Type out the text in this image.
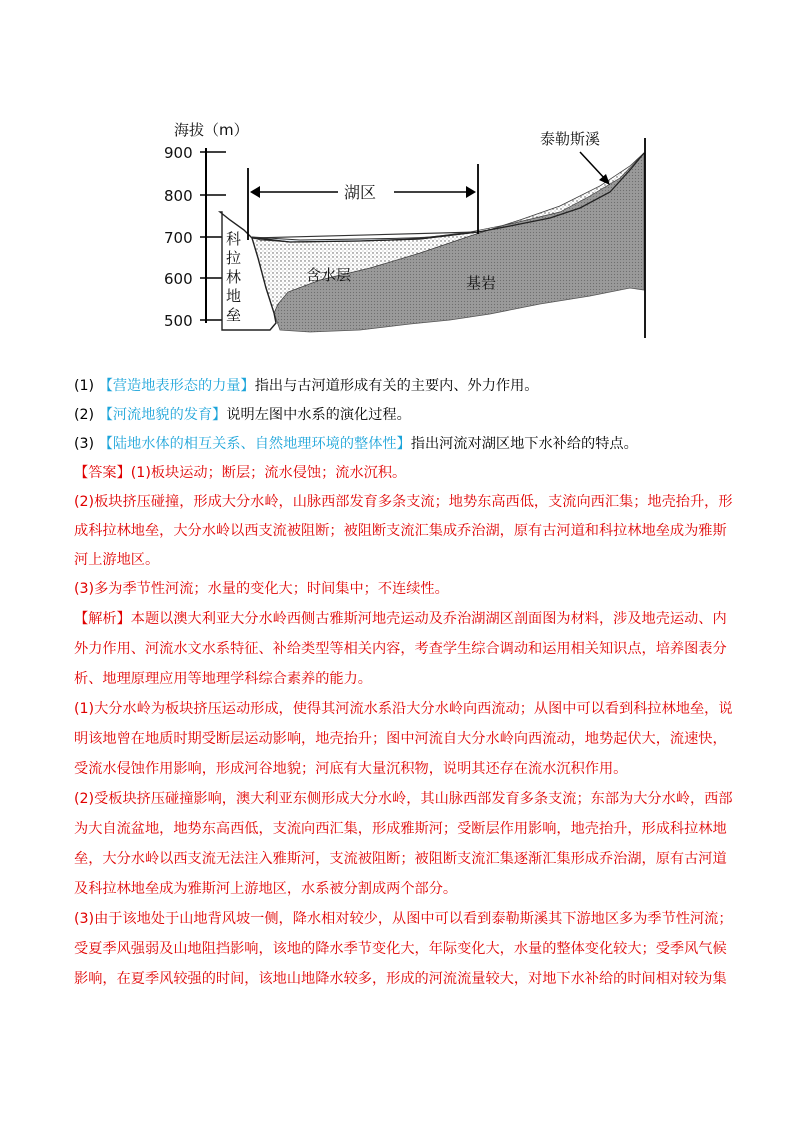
海拔（m）
900
800
700
600
500
湖区
泰勒斯溪
含水层	基岩
科 拉 林 地 垒

(1) 【营造地表形态的力量】指出与古河道形成有关的主要内、外力作用。

(2) 【河流地貌的发育】说明左图中水系的演化过程。

(3) 【陆地水体的相互关系、自然地理环境的整体性】指出河流对湖区地下水补给的特点。

【答案】(1)板块运动；断层；流水侵蚀；流水沉积。

(2)板块挤压碰撞，形成大分水岭，山脉西部发育多条支流；地势东高西低，支流向西汇集；地壳抬升，形

成科拉林地垒，大分水岭以西支流被阻断；被阻断支流汇集成乔治湖，原有古河道和科拉林地垒成为雅斯

河上游地区。

(3)多为季节性河流；水量的变化大；时间集中；不连续性。

【解析】本题以澳大利亚大分水岭西侧古雅斯河地壳运动及乔治湖湖区剖面图为材料，涉及地壳运动、内

外力作用、河流水文水系特征、补给类型等相关内容，考查学生综合调动和运用相关知识点，培养图表分

析、地理原理应用等地理学科综合素养的能力。

(1)大分水岭为板块挤压运动形成，使得其河流水系沿大分水岭向西流动；从图中可以看到科拉林地垒，说

明该地曾在地质时期受断层运动影响，地壳抬升；图中河流自大分水岭向西流动，地势起伏大，流速快，

受流水侵蚀作用影响，形成河谷地貌；河底有大量沉积物，说明其还存在流水沉积作用。

(2)受板块挤压碰撞影响，澳大利亚东侧形成大分水岭，其山脉西部发育多条支流；东部为大分水岭，西部

为大自流盆地，地势东高西低，支流向西汇集，形成雅斯河；受断层作用影响，地壳抬升，形成科拉林地

垒，大分水岭以西支流无法注入雅斯河，支流被阻断；被阻断支流汇集逐渐汇集形成乔治湖，原有古河道

及科拉林地垒成为雅斯河上游地区，水系被分割成两个部分。

(3)由于该地处于山地背风坡一侧，降水相对较少，从图中可以看到泰勒斯溪其下游地区多为季节性河流；

受夏季风强弱及山地阻挡影响，该地的降水季节变化大，年际变化大，水量的整体变化较大；受季风气候

影响，在夏季风较强的时间，该地山地降水较多，形成的河流流量较大，对地下水补给的时间相对较为集
